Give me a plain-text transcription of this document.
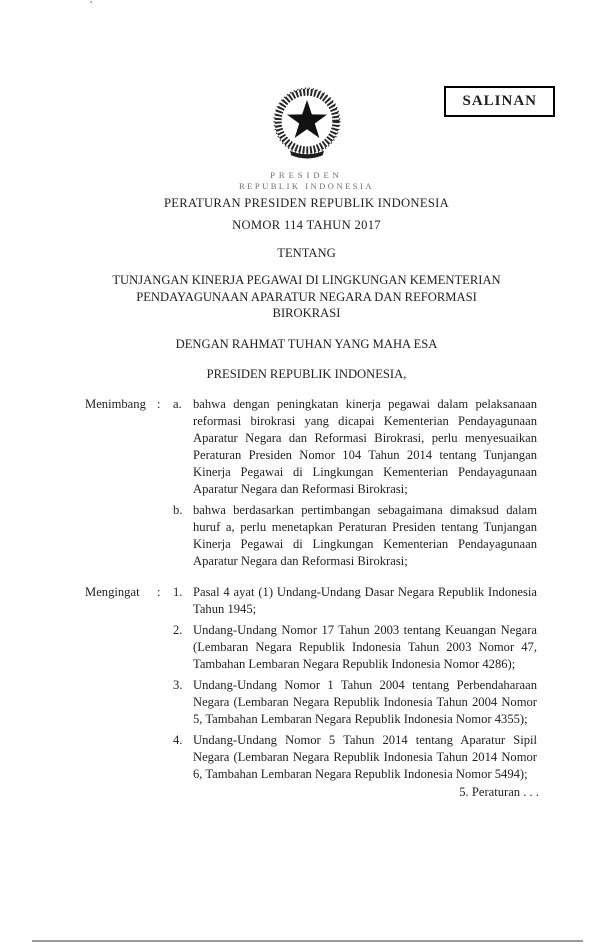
ʹ
SALINAN
PRESIDEN
REPUBLIK INDONESIA
PERATURAN PRESIDEN REPUBLIK INDONESIA
NOMOR 114 TAHUN 2017
TENTANG
TUNJANGAN KINERJA PEGAWAI DI LINGKUNGAN KEMENTERIAN PENDAYAGUNAAN APARATUR NEGARA DAN REFORMASI BIROKRASI
DENGAN RAHMAT TUHAN YANG MAHA ESA
PRESIDEN REPUBLIK INDONESIA,
Menimbang : a. bahwa dengan peningkatan kinerja pegawai dalam pelaksanaan reformasi birokrasi yang dicapai Kementerian Pendayagunaan Aparatur Negara dan Reformasi Birokrasi, perlu menyesuaikan Peraturan Presiden Nomor 104 Tahun 2014 tentang Tunjangan Kinerja Pegawai di Lingkungan Kementerian Pendayagunaan Aparatur Negara dan Reformasi Birokrasi;
b. bahwa berdasarkan pertimbangan sebagaimana dimaksud dalam huruf a, perlu menetapkan Peraturan Presiden tentang Tunjangan Kinerja Pegawai di Lingkungan Kementerian Pendayagunaan Aparatur Negara dan Reformasi Birokrasi;
Mengingat	: 1. Pasal 4 ayat (1) Undang-Undang Dasar Negara Republik Indonesia Tahun 1945;
2. Undang-Undang Nomor 17 Tahun 2003 tentang Keuangan Negara (Lembaran Negara Republik Indonesia Tahun 2003 Nomor 47, Tambahan Lembaran Negara Republik Indonesia Nomor 4286);
3. Undang-Undang Nomor 1 Tahun 2004 tentang Perbendaharaan Negara (Lembaran Negara Republik Indonesia Tahun 2004 Nomor 5, Tambahan Lembaran Negara Republik Indonesia Nomor 4355);
4. Undang-Undang Nomor 5 Tahun 2014 tentang Aparatur Sipil Negara (Lembaran Negara Republik Indonesia Tahun 2014 Nomor 6, Tambahan Lembaran Negara Republik Indonesia Nomor 5494);
5. Peraturan . . .
